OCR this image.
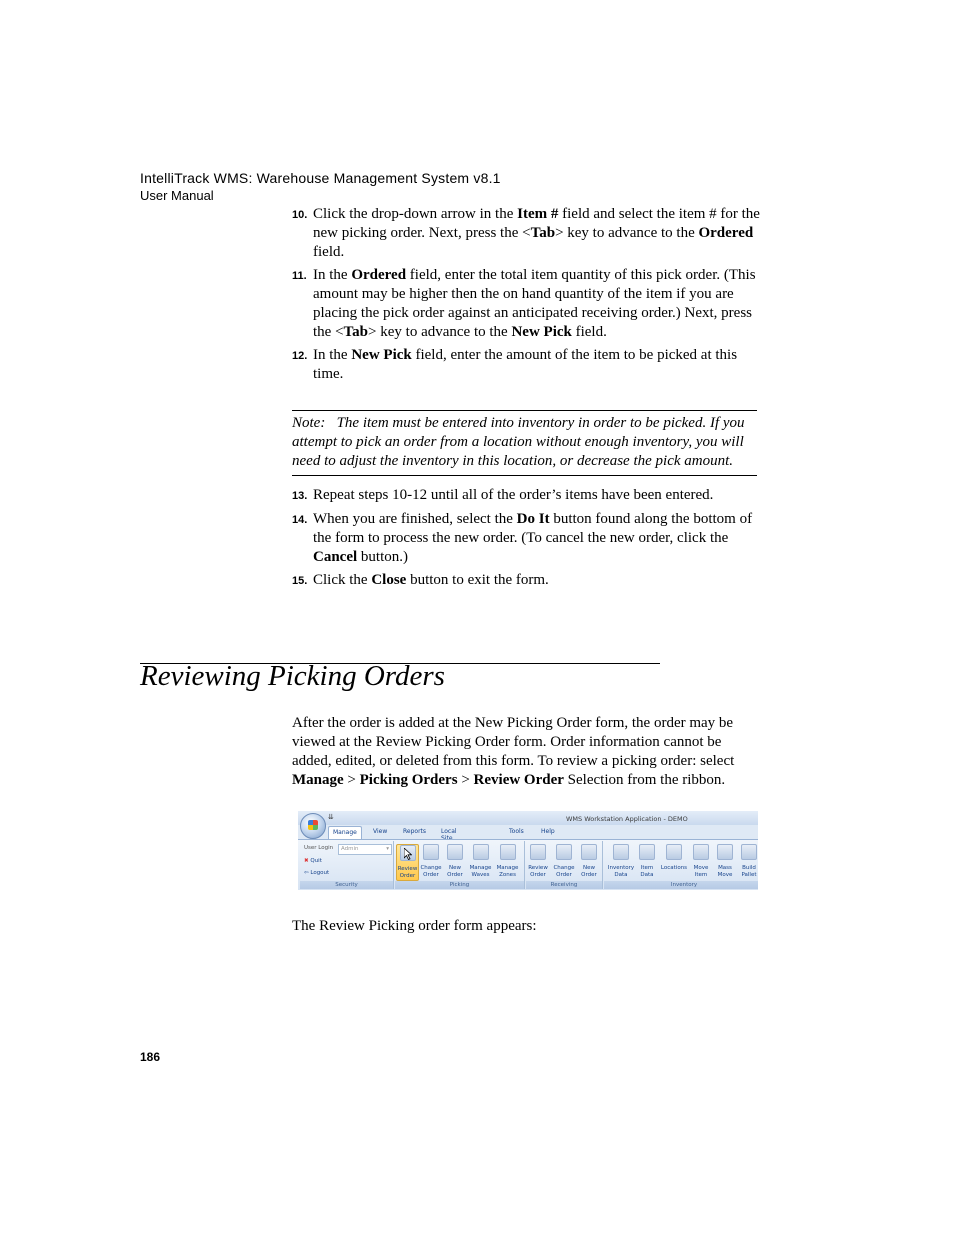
IntelliTrack WMS: Warehouse Management System v8.1
User Manual
10. Click the drop-down arrow in the Item # field and select the item # for the new picking order. Next, press the <Tab> key to advance to the Ordered field.
11. In the Ordered field, enter the total item quantity of this pick order. (This amount may be higher then the on hand quantity of the item if you are placing the pick order against an anticipated receiving order.) Next, press the <Tab> key to advance to the New Pick field.
12. In the New Pick field, enter the amount of the item to be picked at this time.
Note: The item must be entered into inventory in order to be picked. If you attempt to pick an order from a location without enough inventory, you will need to adjust the inventory in this location, or decrease the pick amount.
13. Repeat steps 10-12 until all of the order’s items have been entered.
14. When you are finished, select the Do It button found along the bottom of the form to process the new order. (To cancel the new order, click the Cancel button.)
15. Click the Close button to exit the form.
Reviewing Picking Orders
After the order is added at the New Picking Order form, the order may be viewed at the Review Picking Order form. Order information cannot be added, edited, or deleted from this form. To review a picking order: select Manage > Picking Orders > Review Order Selection from the ribbon.
⇊	WMS Workstation Application - DEMO
Manage	View	Reports Local	Tools	Help
User Login	Admin	▾
✖ Quit
⇦ Logout
Security
Review
Order
Change
Order
New
Order
Manage
Waves
Manage
Zones
Picking
Review
Order
Change
Order
New
Order
Receiving
Inventory
Data
Item
Data
Locations	Move
Item
Mass
Move
Build
Pallet
Inventory
The Review Picking order form appears:
186
